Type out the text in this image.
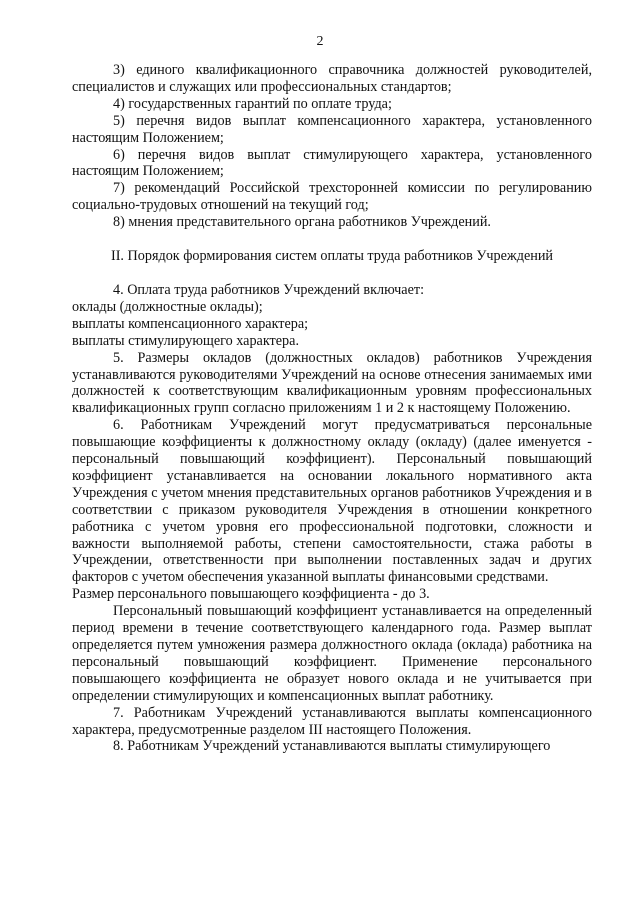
2

3) единого квалификационного справочника должностей руководителей, специалистов и служащих или профессиональных стандартов;

4) государственных гарантий по оплате труда;

5) перечня видов выплат компенсационного характера, установленного настоящим Положением;

6) перечня видов выплат стимулирующего характера, установленного настоящим Положением;

7) рекомендаций Российской трехсторонней комиссии по регулированию социально-трудовых отношений на текущий год;

8) мнения представительного органа работников Учреждений.

II. Порядок формирования систем оплаты труда работников Учреждений

4. Оплата труда работников Учреждений включает:

оклады (должностные оклады);

выплаты компенсационного характера;

выплаты стимулирующего характера.

5. Размеры окладов (должностных окладов) работников Учреждения устанавливаются руководителями Учреждений на основе отнесения занимаемых ими должностей к соответствующим квалификационным уровням профессиональных квалификационных групп согласно приложениям 1 и 2 к настоящему Положению.

6. Работникам Учреждений могут предусматриваться персональные повышающие коэффициенты к должностному окладу (окладу) (далее именуется - персональный повышающий коэффициент). Персональный повышающий коэффициент устанавливается на основании локального нормативного акта Учреждения с учетом мнения представительных органов работников Учреждения и в соответствии с приказом руководителя Учреждения в отношении конкретного работника с учетом уровня его профессиональной подготовки, сложности и важности выполняемой работы, степени самостоятельности, стажа работы в Учреждении, ответственности при выполнении поставленных задач и других факторов с учетом обеспечения указанной выплаты финансовыми средствами.

Размер персонального повышающего коэффициента - до 3.

Персональный повышающий коэффициент устанавливается на определенный период времени в течение соответствующего календарного года. Размер выплат определяется путем умножения размера должностного оклада (оклада) работника на персональный повышающий коэффициент. Применение персонального повышающего коэффициента не образует нового оклада и не учитывается при определении стимулирующих и компенсационных выплат работнику.

7. Работникам Учреждений устанавливаются выплаты компенсационного характера, предусмотренные разделом III настоящего Положения.

8. Работникам Учреждений устанавливаются выплаты стимулирующего
